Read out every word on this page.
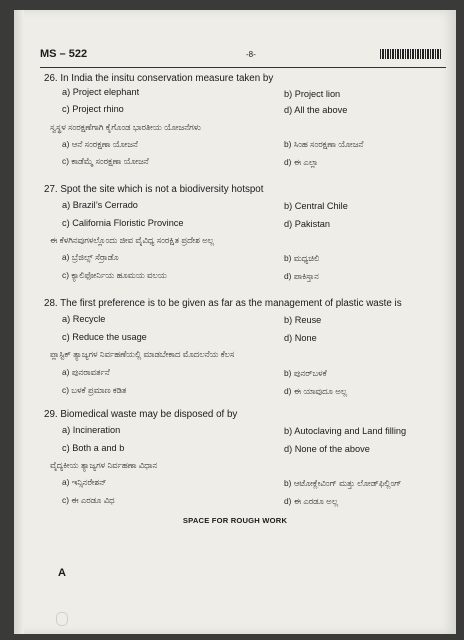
MS – 522	-8-
26. In India the insitu conservation measure taken by
a) Project elephant	b) Project lion
c) Project rhino	d) All the above
ಸ್ವಸ್ಥಳ ಸಂರಕ್ಷಣೆಗಾಗಿ ಕೈಗೊಂಡ ಭಾರತೀಯ ಯೋಜನೆಗಳು
a) ಆನೆ ಸಂರಕ್ಷಣಾ ಯೋಜನೆ	b) ಸಿಂಹ ಸಂರಕ್ಷಣಾ ಯೋಜನೆ
c) ಕಾಡೆಮ್ಮೆ ಸಂರಕ್ಷಣಾ ಯೋಜನೆ	d) ಈ ಎಲ್ಲಾ
27. Spot the site which is not a biodiversity hotspot
a) Brazil’s Cerrado	b) Central Chile
c) California Floristic Province	d) Pakistan
ಈ ಕೆಳಗಿನವುಗಳಲ್ಲೊಂದು ಜೀವ ವೈವಿಧ್ಯ ಸಂರಕ್ಷಿತ ಪ್ರದೇಶ ಅಲ್ಲ
a) ಬ್ರೆಜಿಲ್ಸ್ ಸೆರ್ರಾಡೊ	b) ಮಧ್ಯಚಿಲಿ
c) ಕ್ಯಾಲಿಫೋರ್ನಿಯ ಹೂಮಯ ವಲಯ	d) ಪಾಕಿಸ್ತಾನ
28. The first preference is to be given as far as the management of plastic waste is
a) Recycle	b) Reuse
c) Reduce the usage	d) None
ಪ್ಲಾಸ್ಟಿಕ್ ತ್ಯಾಜ್ಯಗಳ ನಿರ್ವಹಣೆಯಲ್ಲಿ ಮಾಡಬೇಕಾದ ಮೊದಲನೆಯ ಕೆಲಸ
a) ಪುನರಾವರ್ತನೆ	b) ಪುನರ್‌ಬಳಕೆ
c) ಬಳಕೆ ಪ್ರಮಾಣ ಕಡಿತ	d) ಈ ಯಾವುದೂ ಅಲ್ಲ
29. Biomedical waste may be disposed of by
a) Incineration	b) Autoclaving and Land filling
c) Both a and b	d) None of the above
ವೈದ್ಯಕೀಯ ತ್ಯಾಜ್ಯಗಳ ನಿರ್ವಹಣಾ ವಿಧಾನ
a) ಇನ್ಸಿನರೇಶನ್	b) ಆಟೋಕ್ಲೇವಿಂಗ್ ಮತ್ತು ಲೋಡ್‌ಫಿಲ್ಲಿಂಗ್
c) ಈ ಎರಡೂ ವಿಧ	d) ಈ ಎರಡೂ ಅಲ್ಲ
SPACE FOR ROUGH WORK
A
